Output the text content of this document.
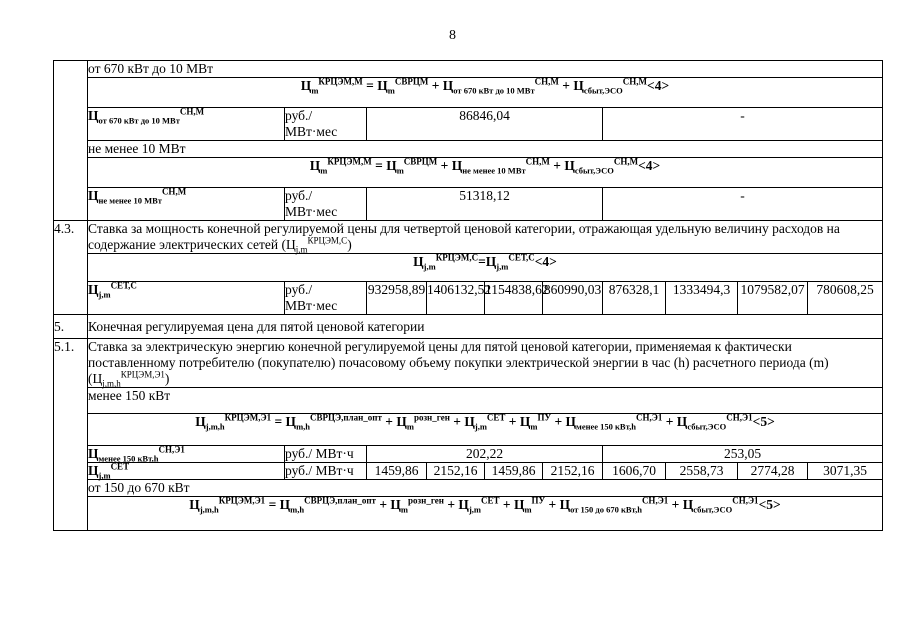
8
	от 670 кВт до 10 МВт									
	$Ц_m^{КРЦЭМ,М} = Ц_m^{СВРЦМ} + Ц_{от 670 кВт до 10 МВт}^{СН,М} + Ц_{сбыт,ЭСО}^{СН,М}<4>$									
	$Ц_{от 670 кВт до 10 МВт}^{СН,М}$	руб./ МВт·мес	86846,04				-			
	не менее 10 МВт									
	$Ц_m^{КРЦЭМ,М} = Ц_m^{СВРЦМ} + Ц_{не менее 10 МВт}^{СН,М} + Ц_{сбыт,ЭСО}^{СН,М}<4>$									
	$Ц_{не менее 10 МВт}^{СН,М}$	руб./ МВт·мес	51318,12				-			
4.3.	Ставка за мощность конечной регулируемой цены для четвертой ценовой категории, отражающая удельную величину расходов на содержание электрических сетей $(Ц_{j,m}^{КРЦЭМ,С})$									
	$Ц_{j,m}^{КРЦЭМ,С}=Ц_{j,m}^{СЕТ,С}<4>$									
	$Ц_{j,m}^{СЕТ,С}$	руб./ МВт·мес	932958,89	1406132,52	1154838,62	860990,03	876328,1	1333494,3	1079582,07	780608,25
5.	Конечная регулируемая цена для пятой ценовой категории									
5.1.	Ставка за электрическую энергию конечной регулируемой цены для пятой ценовой категории, применяемая к фактически поставленному потребителю (покупателю) почасовому объему покупки электрической энергии в час (h) расчетного периода (m) $(Ц_{j,m,h}^{КРЦЭМ,Э1})$									
	менее 150 кВт									
	$Ц_{j,m,h}^{КРЦЭМ,Э1} = Ц_{m,h}^{СВРЦЭ,план\_опт} + Ц_m^{розн\_ген} + Ц_{j,m}^{СЕТ} + Ц_m^{ПУ} + Ц_{менее 150 кВт,h}^{СН,Э1} + Ц_{сбыт,ЭСО}^{СН,Э1}<5>$									
	$Ц_{менее 150 кВт,h}^{СН,Э1}$	руб./ МВт·ч	202,22				253,05			
	$Ц_{j,m}^{СЕТ}$	руб./ МВт·ч	1459,86	2152,16	1459,86	2152,16	1606,70	2558,73	2774,28	3071,35
	от 150 до 670 кВт									
	$Ц_{j,m,h}^{КРЦЭМ,Э1} = Ц_{m,h}^{СВРЦЭ,план\_опт} + Ц_m^{розн\_ген} + Ц_{j,m}^{СЕТ} + Ц_m^{ПУ} + Ц_{от 150 до 670 кВт,h}^{СН,Э1} + Ц_{сбыт,ЭСО}^{СН,Э1}<5>$									
